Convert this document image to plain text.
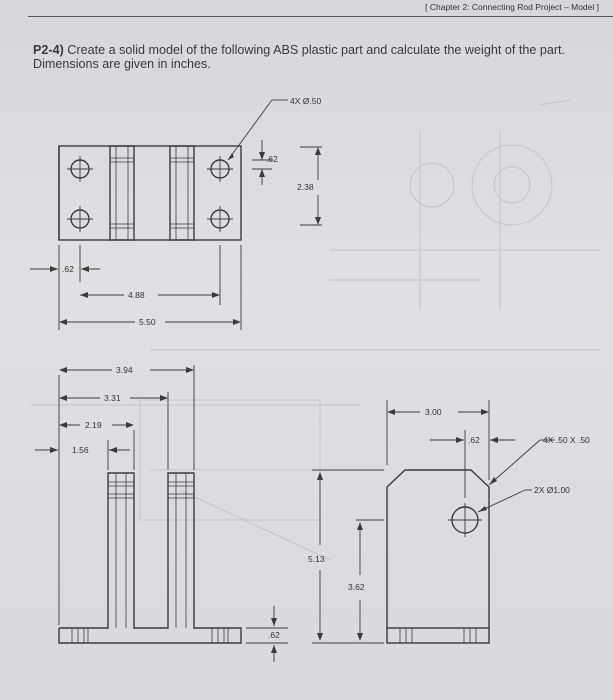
[ Chapter 2: Connecting Rod Project – Model ]
P2-4) Create a solid model of the following ABS plastic part and calculate the weight of the part. Dimensions are given in inches.
4X Ø.50
.62
2.38
.62
4.88
5.50
3.94
3.31
2.19
1.56
.62
3.00
.62	4X .50 X .50
2X Ø1.00
5.13
3.62
